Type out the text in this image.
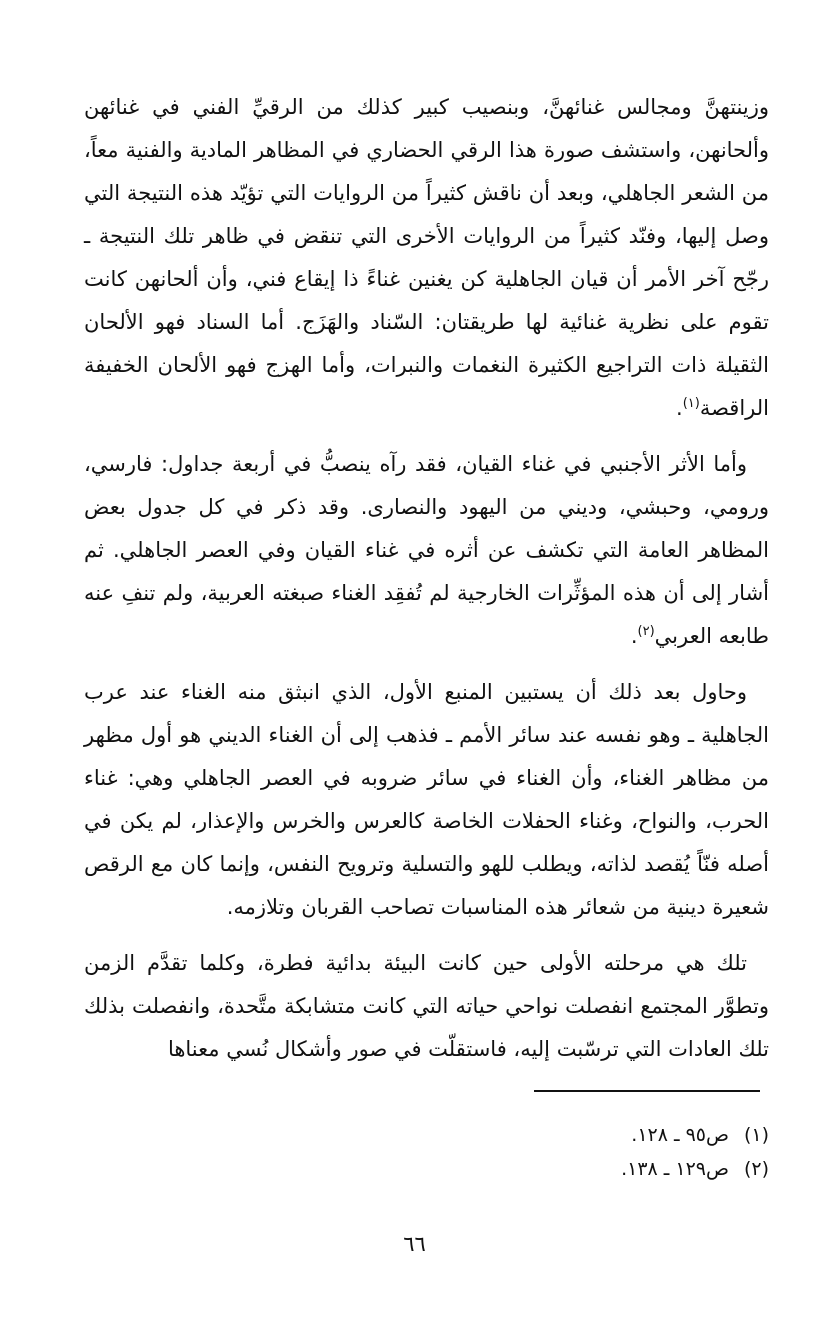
وزينتهنَّ ومجالس غنائهنَّ، وبنصيب كبير كذلك من الرقيِّ الفني في غنائهن وألحانهن، واستشف صورة هذا الرقي الحضاري في المظاهر المادية والفنية معاً، من الشعر الجاهلي، وبعد أن ناقش كثيراً من الروايات التي تؤيّد هذه النتيجة التي وصل إليها، وفنّد كثيراً من الروايات الأخرى التي تنقض في ظاهر تلك النتيجة ـ رجّح آخر الأمر أن قيان الجاهلية كن يغنين غناءً ذا إيقاع فني، وأن ألحانهن كانت تقوم على نظرية غنائية لها طريقتان: السّناد والهَزَج. أما السناد فهو الألحان الثقيلة ذات التراجيع الكثيرة النغمات والنبرات، وأما الهزج فهو الألحان الخفيفة الراقصة$^{(١)}$.

وأما الأثر الأجنبي في غناء القيان، فقد رآه ينصبُّ في أربعة جداول: فارسي، ورومي، وحبشي، وديني من اليهود والنصارى. وقد ذكر في كل جدول بعض المظاهر العامة التي تكشف عن أثره في غناء القيان وفي العصر الجاهلي. ثم أشار إلى أن هذه المؤثِّرات الخارجية لم تُفقِد الغناء صبغته العربية، ولم تنفِ عنه طابعه العربي$^{(٢)}$.

وحاول بعد ذلك أن يستبين المنبع الأول، الذي انبثق منه الغناء عند عرب الجاهلية ـ وهو نفسه عند سائر الأمم ـ فذهب إلى أن الغناء الديني هو أول مظهر من مظاهر الغناء، وأن الغناء في سائر ضروبه في العصر الجاهلي وهي: غناء الحرب، والنواح، وغناء الحفلات الخاصة كالعرس والخرس والإعذار، لم يكن في أصله فنّاً يُقصد لذاته، ويطلب للهو والتسلية وترويح النفس، وإنما كان مع الرقص شعيرة دينية من شعائر هذه المناسبات تصاحب القربان وتلازمه.

تلك هي مرحلته الأولى حين كانت البيئة بدائية فطرة، وكلما تقدَّم الزمن وتطوَّر المجتمع انفصلت نواحي حياته التي كانت متشابكة متَّحدة، وانفصلت بذلك تلك العادات التي ترسّبت إليه، فاستقلّت في صور وأشكال نُسي معناها

(١)
ص٩٥ ـ ١٢٨.
(٢)
ص١٢٩ ـ ١٣٨.
٦٦
